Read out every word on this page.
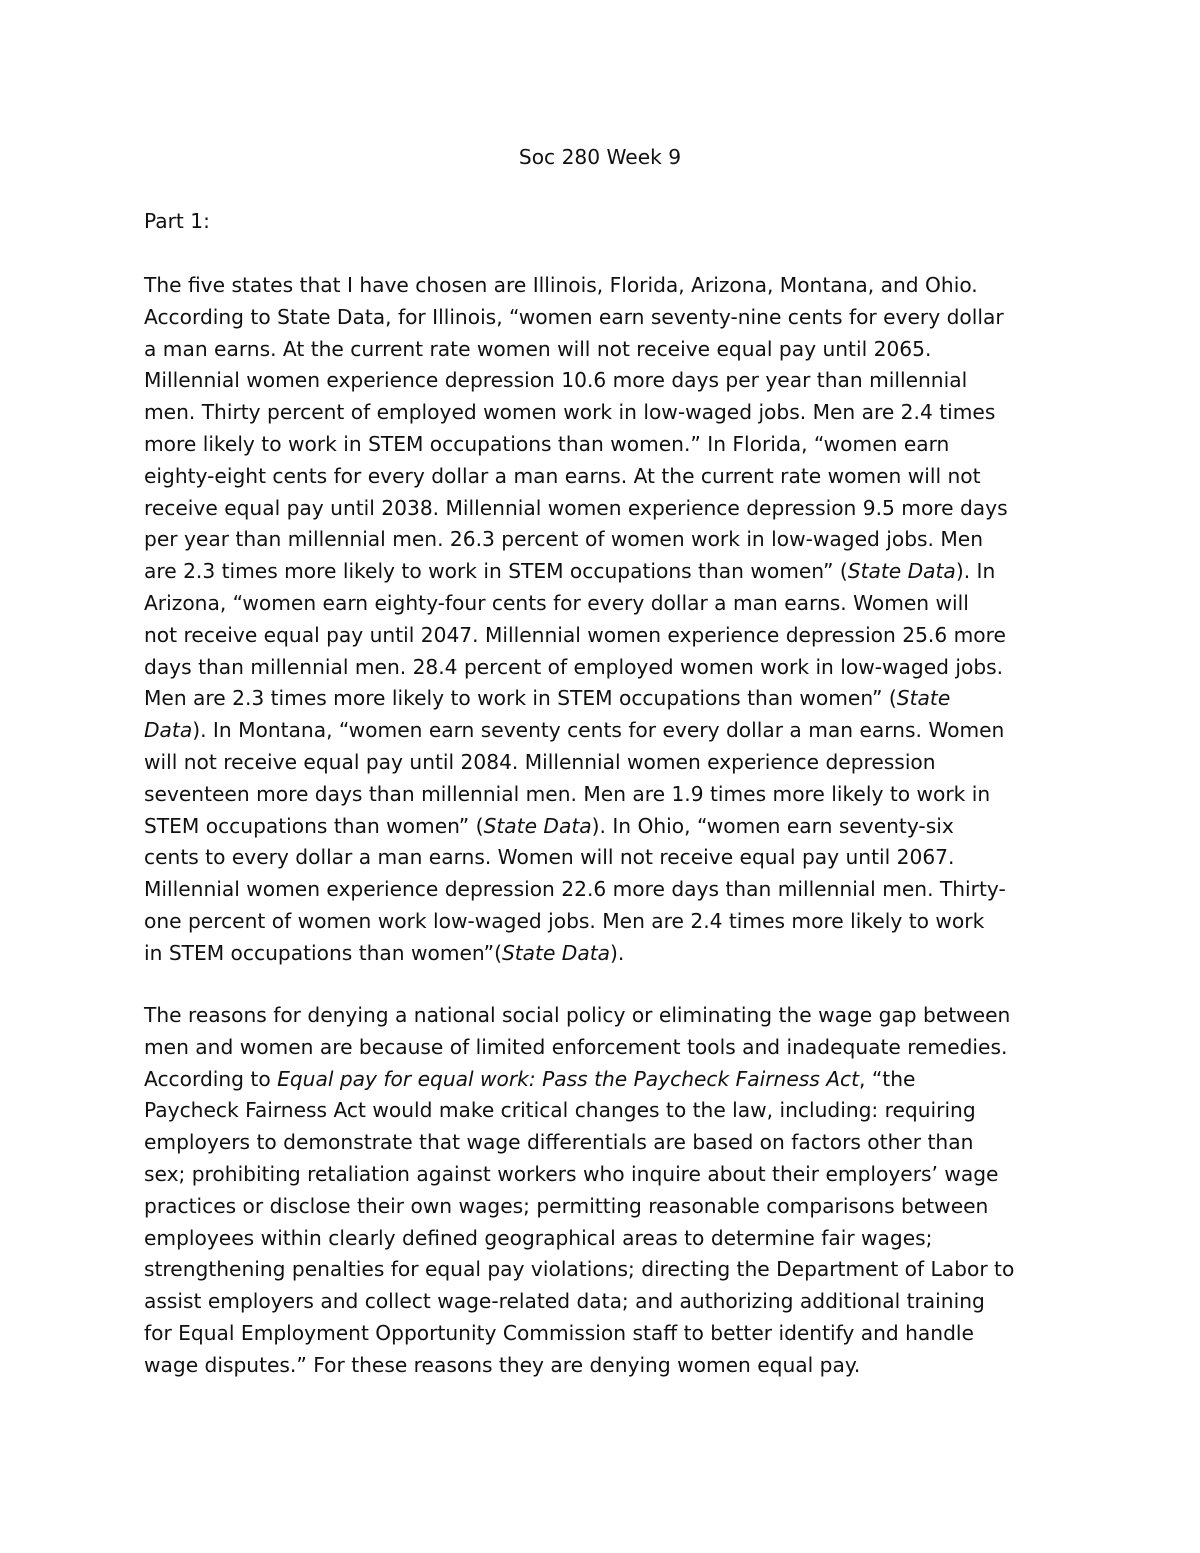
Soc 280 Week 9

Part 1:

The five states that I have chosen are Illinois, Florida, Arizona, Montana, and Ohio.
According to State Data, for Illinois, “women earn seventy-nine cents for every dollar
a man earns. At the current rate women will not receive equal pay until 2065.
Millennial women experience depression 10.6 more days per year than millennial
men. Thirty percent of employed women work in low-waged jobs. Men are 2.4 times
more likely to work in STEM occupations than women.” In Florida, “women earn
eighty-eight cents for every dollar a man earns. At the current rate women will not
receive equal pay until 2038. Millennial women experience depression 9.5 more days
per year than millennial men. 26.3 percent of women work in low-waged jobs. Men
are 2.3 times more likely to work in STEM occupations than women” (State Data). In
Arizona, “women earn eighty-four cents for every dollar a man earns. Women will
not receive equal pay until 2047. Millennial women experience depression 25.6 more
days than millennial men. 28.4 percent of employed women work in low-waged jobs.
Men are 2.3 times more likely to work in STEM occupations than women” (State
Data). In Montana, “women earn seventy cents for every dollar a man earns. Women
will not receive equal pay until 2084. Millennial women experience depression
seventeen more days than millennial men. Men are 1.9 times more likely to work in
STEM occupations than women” (State Data). In Ohio, “women earn seventy-six
cents to every dollar a man earns. Women will not receive equal pay until 2067.
Millennial women experience depression 22.6 more days than millennial men. Thirty-
one percent of women work low-waged jobs. Men are 2.4 times more likely to work
in STEM occupations than women”(State Data).
The reasons for denying a national social policy or eliminating the wage gap between
men and women are because of limited enforcement tools and inadequate remedies.
According to Equal pay for equal work: Pass the Paycheck Fairness Act, “the
Paycheck Fairness Act would make critical changes to the law, including: requiring
employers to demonstrate that wage differentials are based on factors other than
sex; prohibiting retaliation against workers who inquire about their employers’ wage
practices or disclose their own wages; permitting reasonable comparisons between
employees within clearly defined geographical areas to determine fair wages;
strengthening penalties for equal pay violations; directing the Department of Labor to
assist employers and collect wage-related data; and authorizing additional training
for Equal Employment Opportunity Commission staff to better identify and handle
wage disputes.” For these reasons they are denying women equal pay.
